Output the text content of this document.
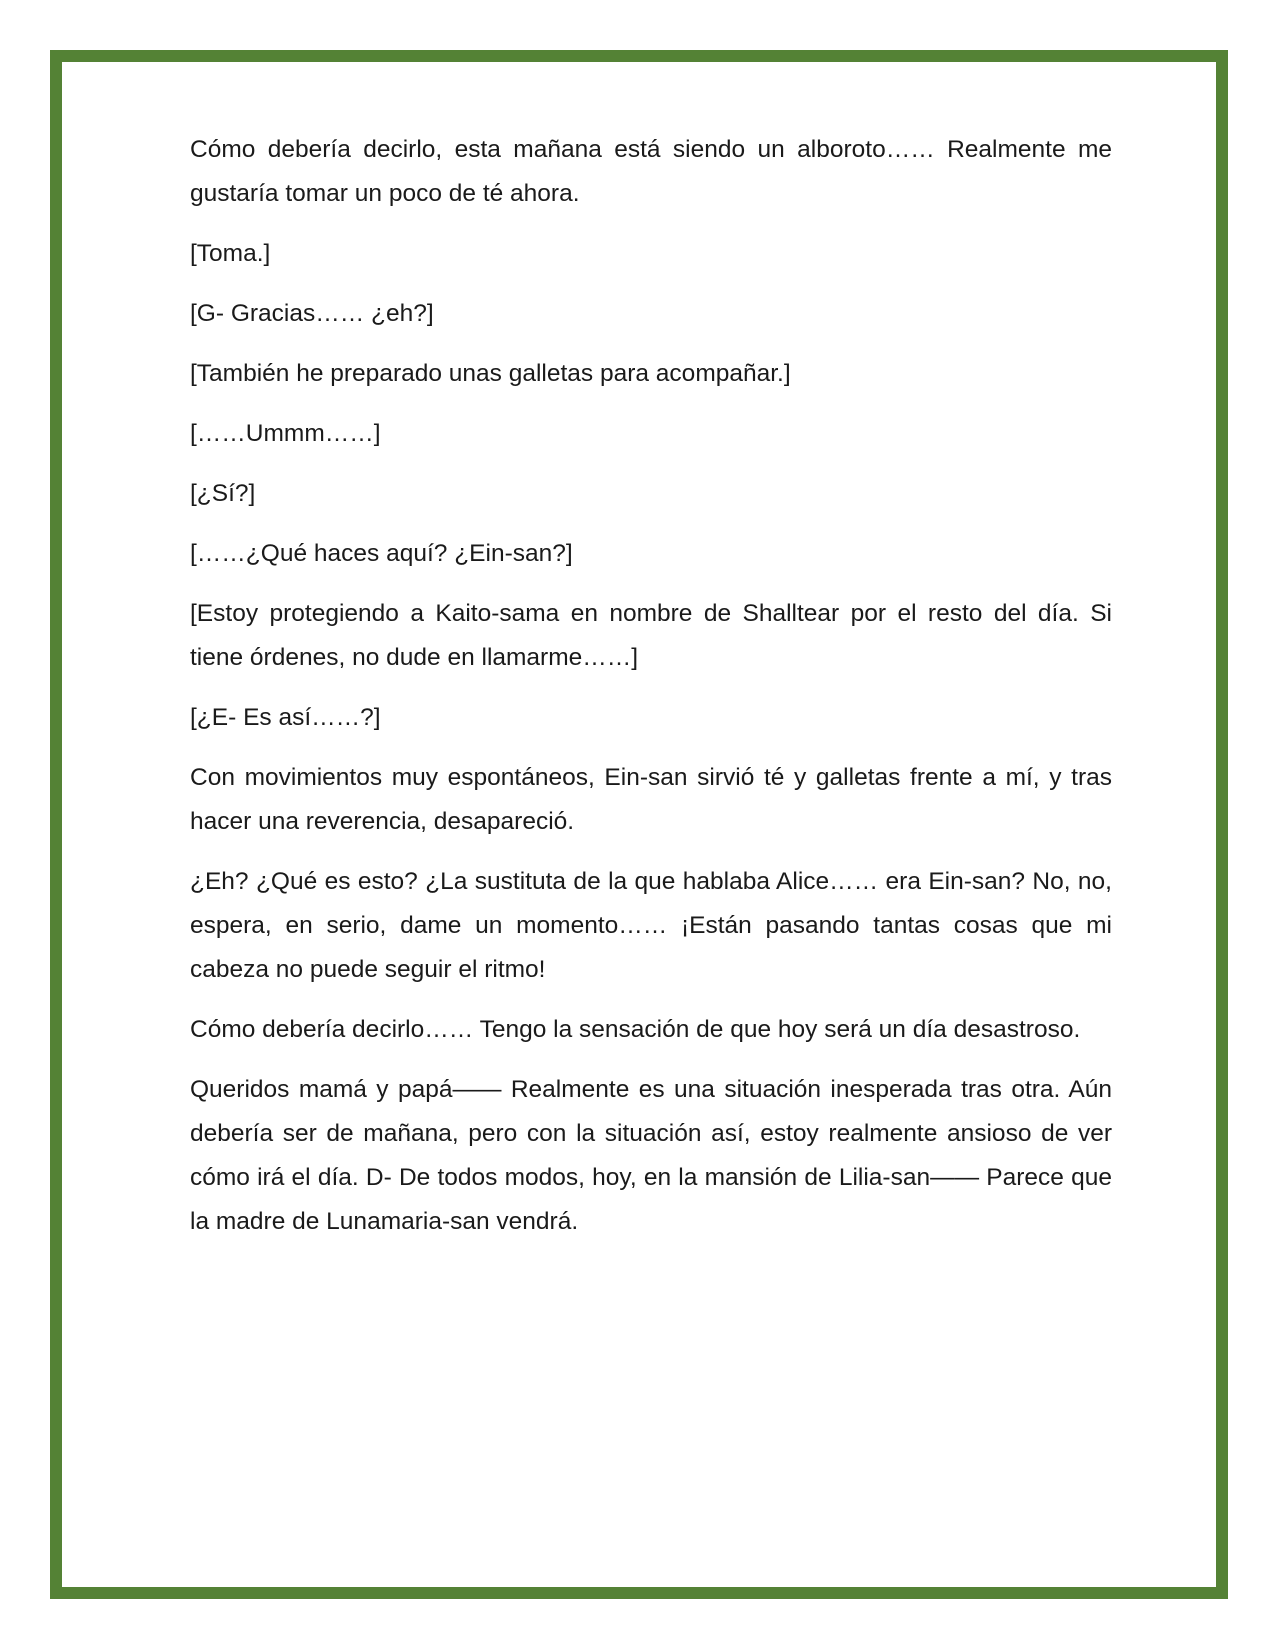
Cómo debería decirlo, esta mañana está siendo un alboroto…… Realmente me gustaría tomar un poco de té ahora.

[Toma.]

[G- Gracias…… ¿eh?]

[También he preparado unas galletas para acompañar.]

[……Ummm……]

[¿Sí?]

[……¿Qué haces aquí? ¿Ein-san?]

[Estoy protegiendo a Kaito-sama en nombre de Shalltear por el resto del día. Si tiene órdenes, no dude en llamarme……]

[¿E- Es así……?]

Con movimientos muy espontáneos, Ein-san sirvió té y galletas frente a mí, y tras hacer una reverencia, desapareció.

¿Eh? ¿Qué es esto? ¿La sustituta de la que hablaba Alice…… era Ein-san? No, no, espera, en serio, dame un momento…… ¡Están pasando tantas cosas que mi cabeza no puede seguir el ritmo!

Cómo debería decirlo…… Tengo la sensación de que hoy será un día desastroso.

Queridos mamá y papá—— Realmente es una situación inesperada tras otra. Aún debería ser de mañana, pero con la situación así, estoy realmente ansioso de ver cómo irá el día. D- De todos modos, hoy, en la mansión de Lilia-san—— Parece que la madre de Lunamaria-san vendrá.
